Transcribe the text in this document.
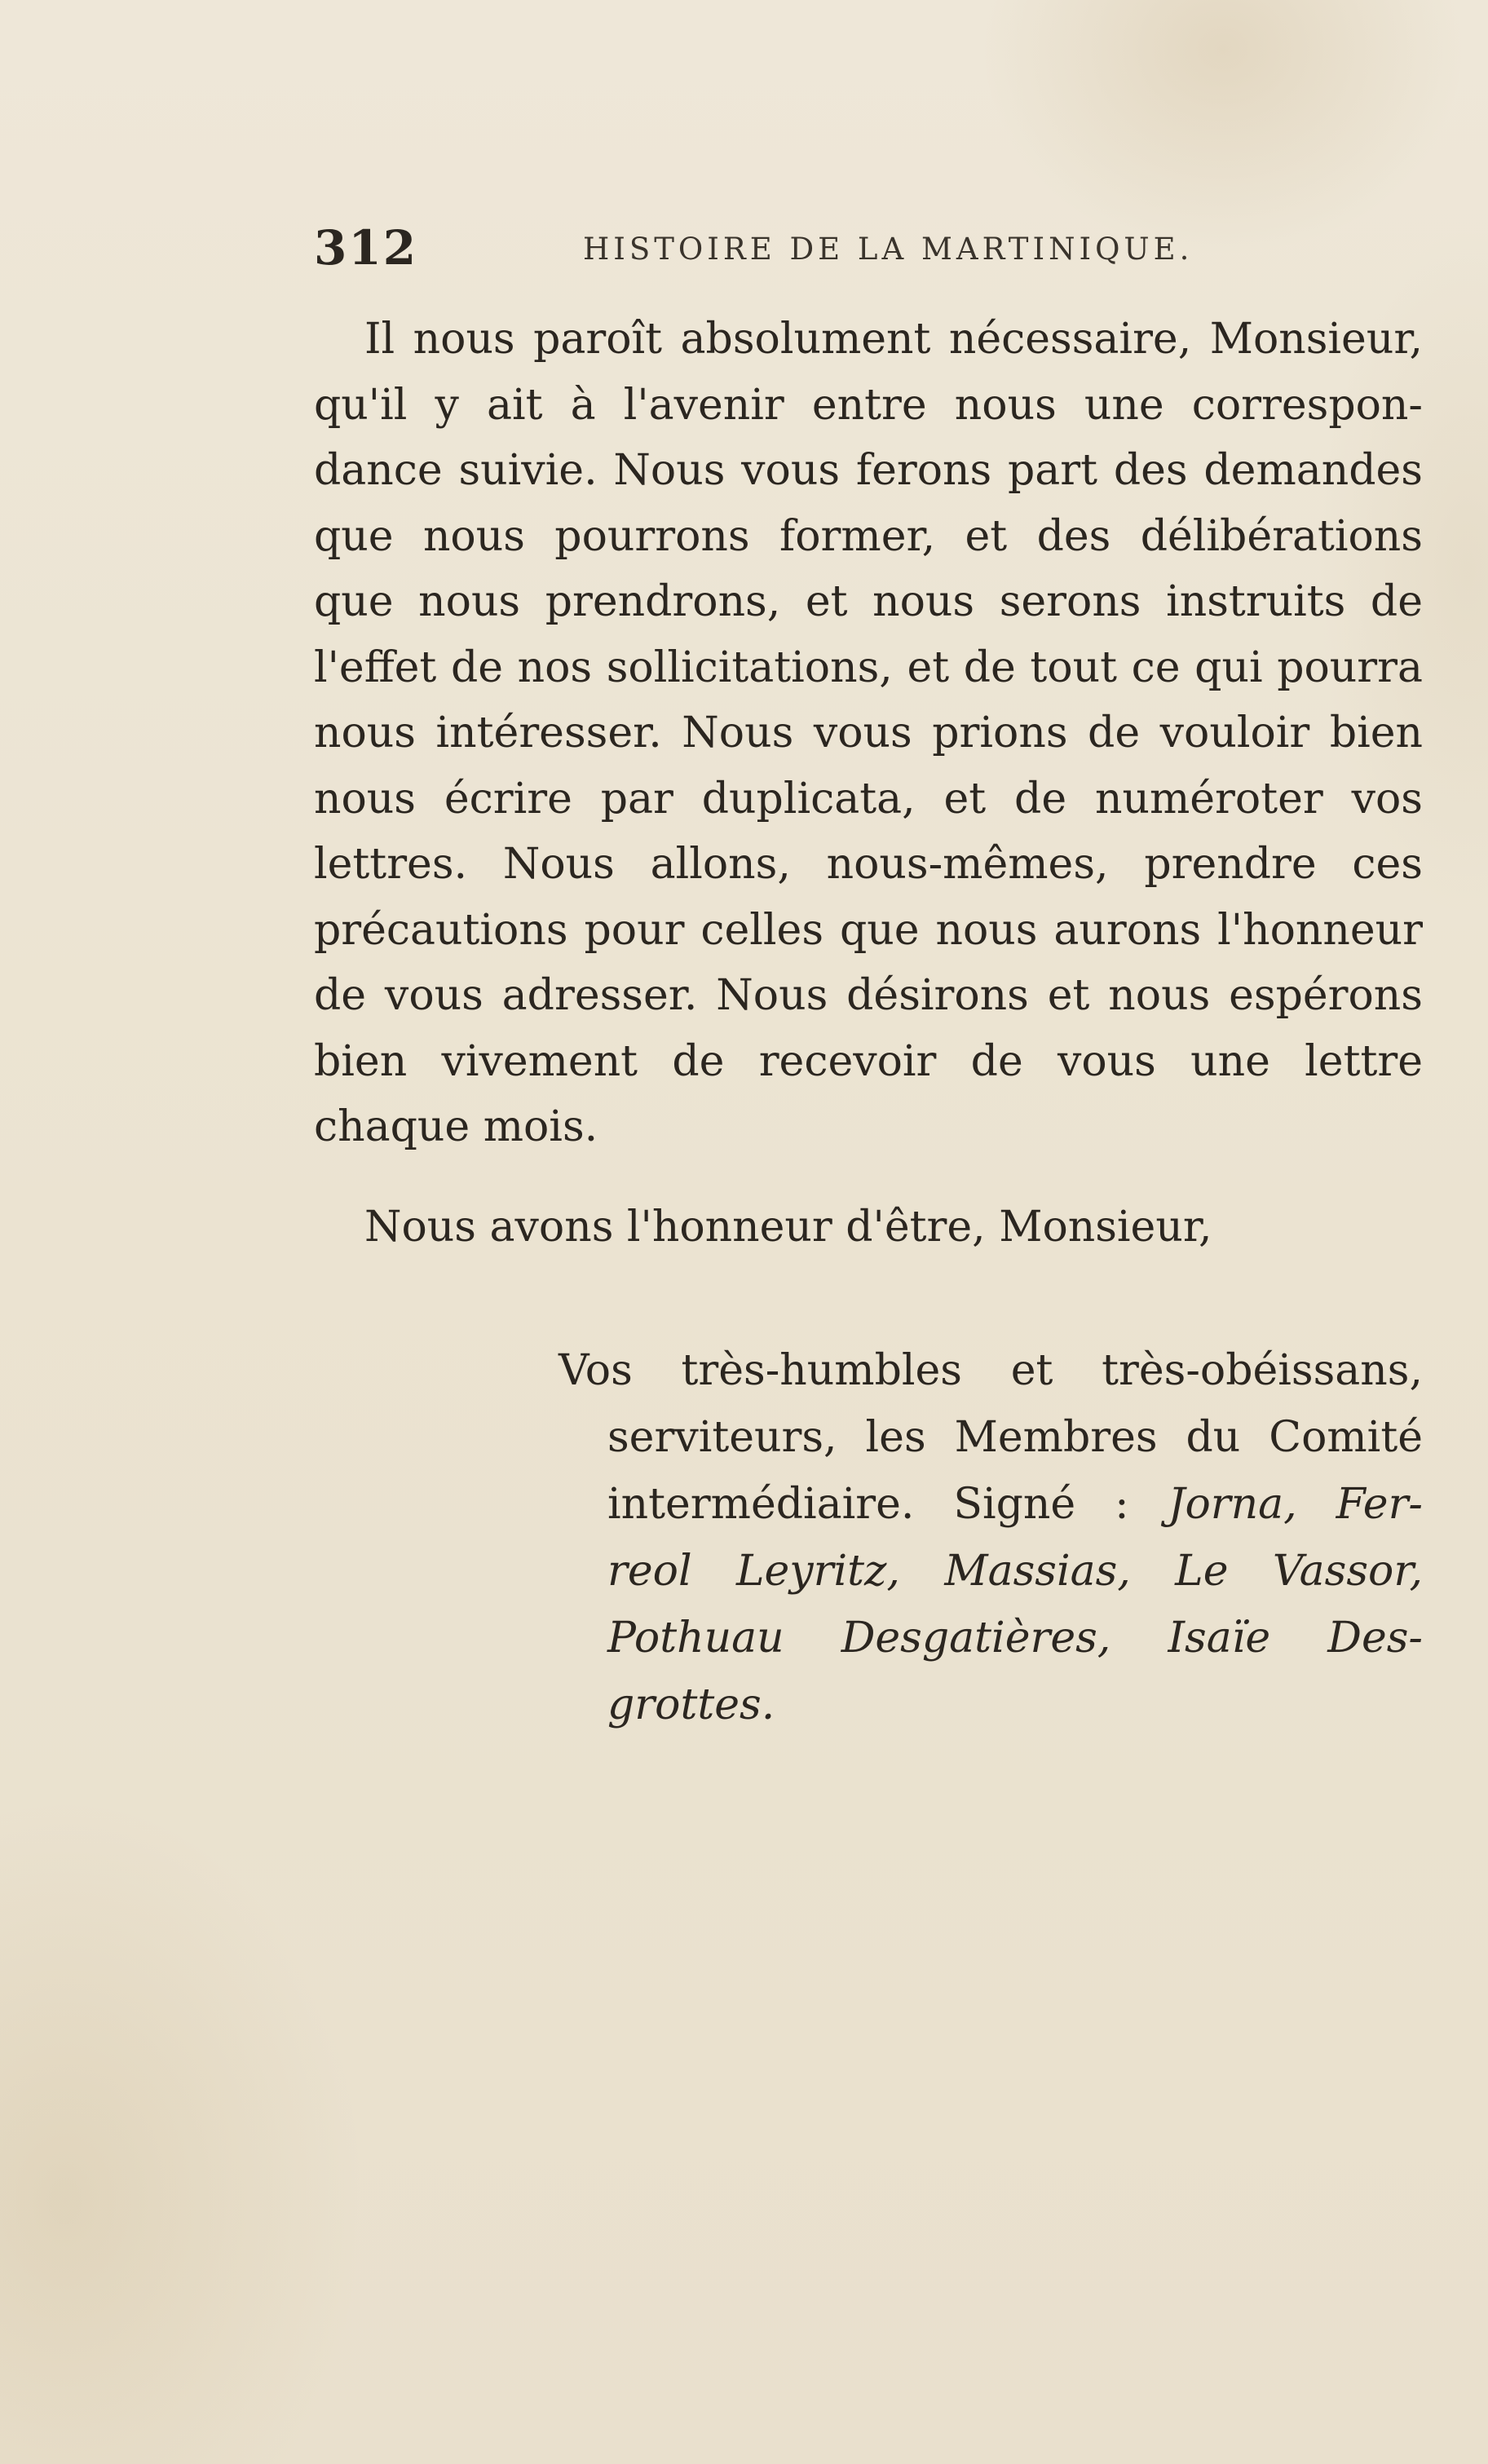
312	HISTOIRE DE LA MARTINIQUE.
Il nous paroît absolument nécessaire, Monsieur,
qu'il y ait à l'avenir entre nous une correspon-
dance suivie. Nous vous ferons part des demandes
que nous pourrons former, et des délibérations
que nous prendrons, et nous serons instruits de
l'effet de nos sollicitations, et de tout ce qui pourra
nous intéresser. Nous vous prions de vouloir bien
nous écrire par duplicata, et de numéroter vos
lettres. Nous allons, nous-mêmes, prendre ces
précautions pour celles que nous aurons l'honneur
de vous adresser. Nous désirons et nous espérons
bien vivement de recevoir de vous une lettre
chaque mois.
Nous avons l'honneur d'être, Monsieur,
Vos très-humbles et très-obéissans,
serviteurs, les Membres du Comité
intermédiaire. Signé : Jorna, Fer-
reol Leyritz, Massias, Le Vassor,
Pothuau Desgatières, Isaïe Des-
grottes.
